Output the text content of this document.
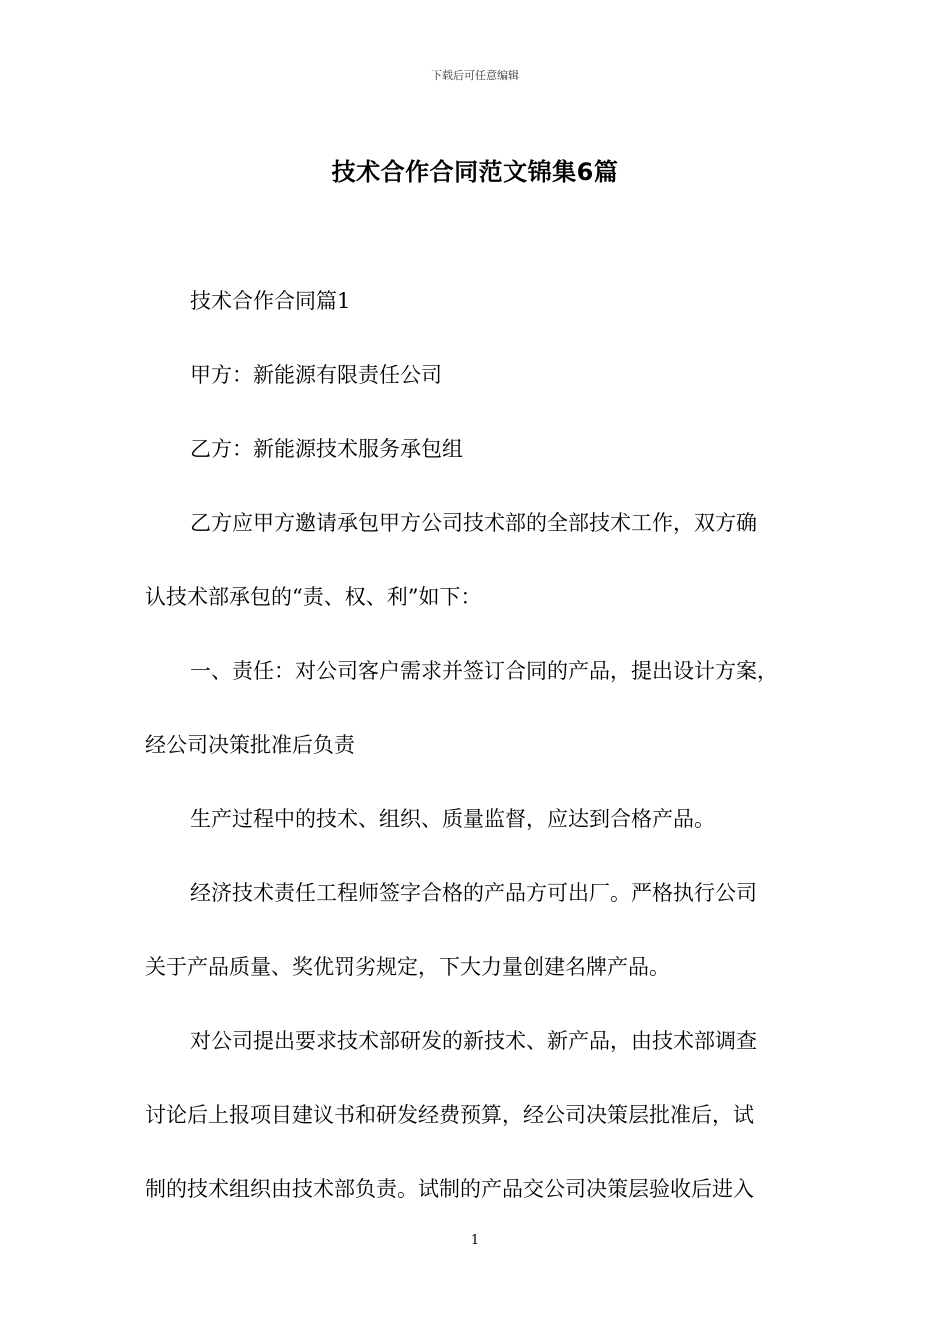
下载后可任意编辑
技术合作合同范文锦集6篇
技术合作合同篇1
甲方：新能源有限责任公司
乙方：新能源技术服务承包组
乙方应甲方邀请承包甲方公司技术部的全部技术工作，双方确
认技术部承包的“责、权、利”如下：
一、责任：对公司客户需求并签订合同的产品，提出设计方案，
经公司决策批准后负责
生产过程中的技术、组织、质量监督，应达到合格产品。
经济技术责任工程师签字合格的产品方可出厂。严格执行公司
关于产品质量、奖优罚劣规定，下大力量创建名牌产品。
对公司提出要求技术部研发的新技术、新产品，由技术部调查
讨论后上报项目建议书和研发经费预算，经公司决策层批准后，试
制的技术组织由技术部负责。试制的产品交公司决策层验收后进入
1
